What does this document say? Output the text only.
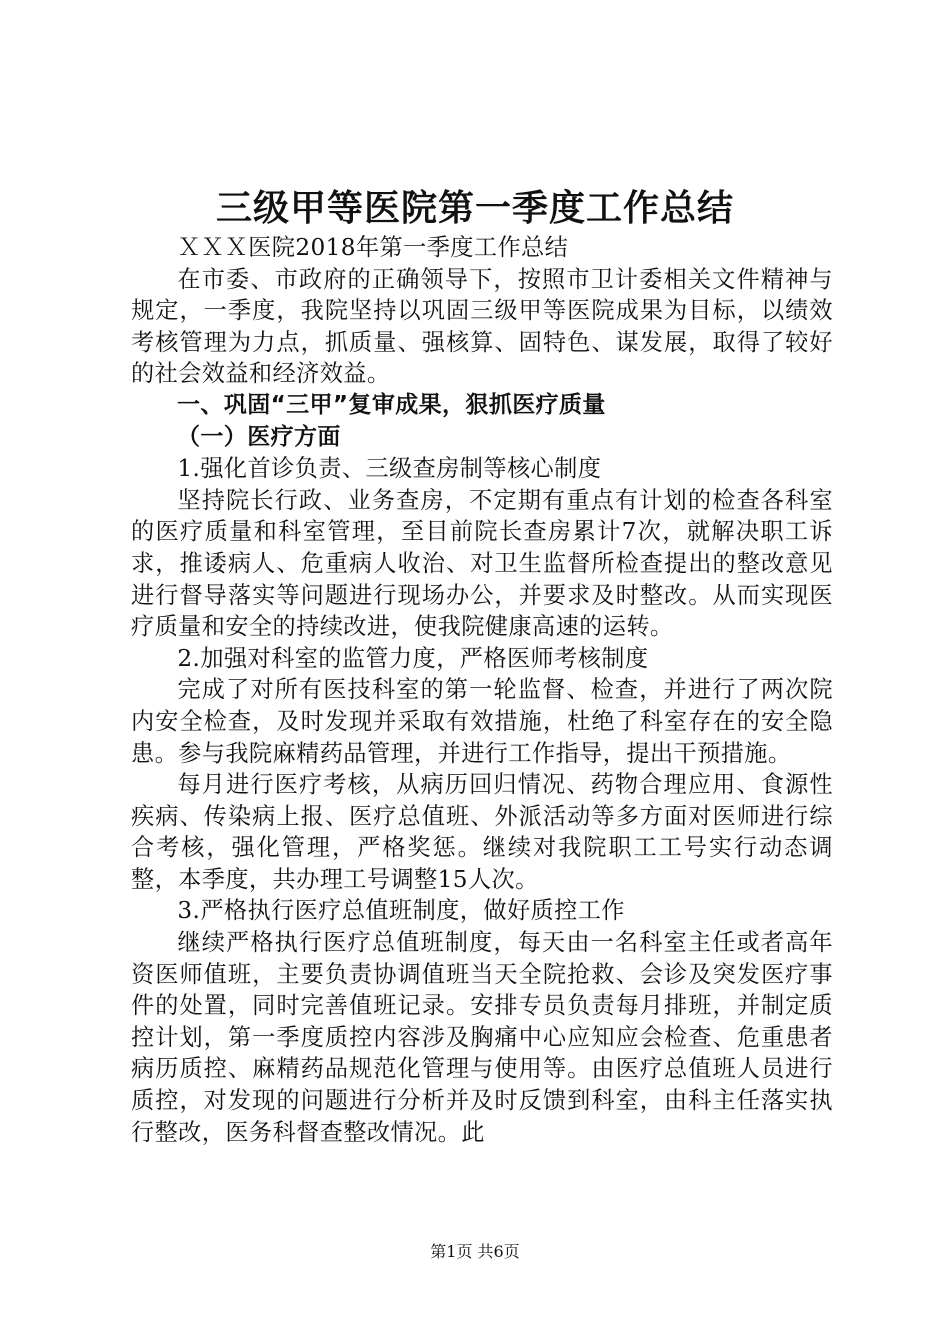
三级甲等医院第一季度工作总结

ＸＸＸ医院2018年第一季度工作总结

在市委、市政府的正确领导下，按照市卫计委相关文件精神与规定，一季度，我院坚持以巩固三级甲等医院成果为目标，以绩效考核管理为力点，抓质量、强核算、固特色、谋发展，取得了较好的社会效益和经济效益。

一、巩固“三甲”复审成果，狠抓医疗质量

（一）医疗方面

1.强化首诊负责、三级查房制等核心制度

坚持院长行政、业务查房，不定期有重点有计划的检查各科室的医疗质量和科室管理，至目前院长查房累计7次，就解决职工诉求，推诿病人、危重病人收治、对卫生监督所检查提出的整改意见进行督导落实等问题进行现场办公，并要求及时整改。从而实现医疗质量和安全的持续改进，使我院健康高速的运转。

2.加强对科室的监管力度，严格医师考核制度

完成了对所有医技科室的第一轮监督、检查，并进行了两次院内安全检查，及时发现并采取有效措施，杜绝了科室存在的安全隐患。参与我院麻精药品管理，并进行工作指导，提出干预措施。

每月进行医疗考核，从病历回归情况、药物合理应用、食源性疾病、传染病上报、医疗总值班、外派活动等多方面对医师进行综合考核，强化管理，严格奖惩。继续对我院职工工号实行动态调整，本季度，共办理工号调整15人次。

3.严格执行医疗总值班制度，做好质控工作

继续严格执行医疗总值班制度，每天由一名科室主任或者高年资医师值班，主要负责协调值班当天全院抢救、会诊及突发医疗事件的处置，同时完善值班记录。安排专员负责每月排班，并制定质控计划，第一季度质控内容涉及胸痛中心应知应会检查、危重患者病历质控、麻精药品规范化管理与使用等。由医疗总值班人员进行质控，对发现的问题进行分析并及时反馈到科室，由科主任落实执行整改，医务科督查整改情况。此

第1页 共6页
